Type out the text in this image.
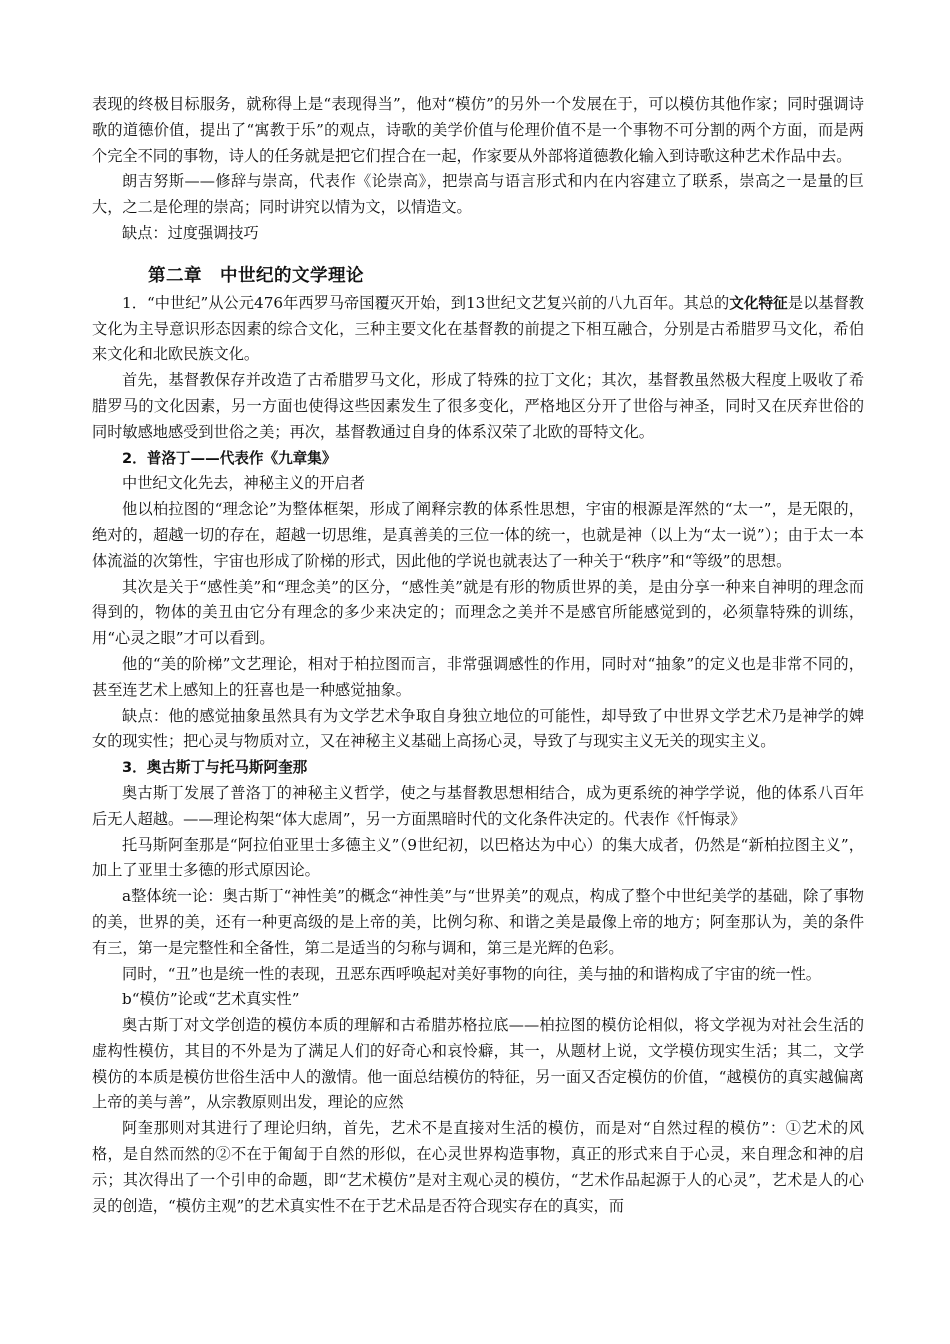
表现的终极目标服务，就称得上是“表现得当”，他对“模仿”的另外一个发展在于，可以模仿其他作家；同时强调诗歌的道德价值，提出了“寓教于乐”的观点，诗歌的美学价值与伦理价值不是一个事物不可分割的两个方面，而是两个完全不同的事物，诗人的任务就是把它们捏合在一起，作家要从外部将道德教化输入到诗歌这种艺术作品中去。

朗吉努斯——修辞与崇高，代表作《论崇高》，把崇高与语言形式和内在内容建立了联系，崇高之一是量的巨大，之二是伦理的崇高；同时讲究以情为文，以情造文。

缺点：过度强调技巧

第二章　中世纪的文学理论

1．“中世纪”从公元476年西罗马帝国覆灭开始，到13世纪文艺复兴前的八九百年。其总的文化特征是以基督教文化为主导意识形态因素的综合文化，三种主要文化在基督教的前提之下相互融合，分别是古希腊罗马文化，希伯来文化和北欧民族文化。

首先，基督教保存并改造了古希腊罗马文化，形成了特殊的拉丁文化；其次，基督教虽然极大程度上吸收了希腊罗马的文化因素，另一方面也使得这些因素发生了很多变化，严格地区分开了世俗与神圣，同时又在厌弃世俗的同时敏感地感受到世俗之美；再次，基督教通过自身的体系汉荣了北欧的哥特文化。

2．普洛丁——代表作《九章集》

中世纪文化先去，神秘主义的开启者

他以柏拉图的“理念论”为整体框架，形成了阐释宗教的体系性思想，宇宙的根源是浑然的“太一”，是无限的，绝对的，超越一切的存在，超越一切思维，是真善美的三位一体的统一，也就是神（以上为“太一说”）；由于太一本体流溢的次第性，宇宙也形成了阶梯的形式，因此他的学说也就表达了一种关于“秩序”和“等级”的思想。

其次是关于“感性美”和“理念美”的区分，“感性美”就是有形的物质世界的美，是由分享一种来自神明的理念而得到的，物体的美丑由它分有理念的多少来决定的；而理念之美并不是感官所能感觉到的，必须靠特殊的训练，用“心灵之眼”才可以看到。

他的“美的阶梯”文艺理论，相对于柏拉图而言，非常强调感性的作用，同时对“抽象”的定义也是非常不同的，甚至连艺术上感知上的狂喜也是一种感觉抽象。

缺点：他的感觉抽象虽然具有为文学艺术争取自身独立地位的可能性，却导致了中世界文学艺术乃是神学的婢女的现实性；把心灵与物质对立，又在神秘主义基础上高扬心灵，导致了与现实主义无关的现实主义。

3．奥古斯丁与托马斯阿奎那

奥古斯丁发展了普洛丁的神秘主义哲学，使之与基督教思想相结合，成为更系统的神学学说，他的体系八百年后无人超越。——理论构架“体大虑周”，另一方面黑暗时代的文化条件决定的。代表作《忏悔录》

托马斯阿奎那是“阿拉伯亚里士多德主义”（9世纪初，以巴格达为中心）的集大成者，仍然是“新柏拉图主义”，加上了亚里士多德的形式原因论。

a整体统一论：奥古斯丁“神性美”的概念“神性美”与“世界美”的观点，构成了整个中世纪美学的基础，除了事物的美，世界的美，还有一种更高级的是上帝的美，比例匀称、和谐之美是最像上帝的地方；阿奎那认为，美的条件有三，第一是完整性和全备性，第二是适当的匀称与调和，第三是光辉的色彩。

同时，“丑”也是统一性的表现，丑恶东西呼唤起对美好事物的向往，美与抽的和谐构成了宇宙的统一性。

b“模仿”论或“艺术真实性”

奥古斯丁对文学创造的模仿本质的理解和古希腊苏格拉底——柏拉图的模仿论相似，将文学视为对社会生活的虚构性模仿，其目的不外是为了满足人们的好奇心和哀怜癖，其一，从题材上说，文学模仿现实生活；其二，文学模仿的本质是模仿世俗生活中人的激情。他一面总结模仿的特征，另一面又否定模仿的价值，“越模仿的真实越偏离上帝的美与善”，从宗教原则出发，理论的应然

阿奎那则对其进行了理论归纳，首先，艺术不是直接对生活的模仿，而是对“自然过程的模仿”：①艺术的风格，是自然而然的②不在于匍匐于自然的形似，在心灵世界构造事物，真正的形式来自于心灵，来自理念和神的启示；其次得出了一个引申的命题，即“艺术模仿”是对主观心灵的模仿，“艺术作品起源于人的心灵”，艺术是人的心灵的创造，“模仿主观”的艺术真实性不在于艺术品是否符合现实存在的真实，而
